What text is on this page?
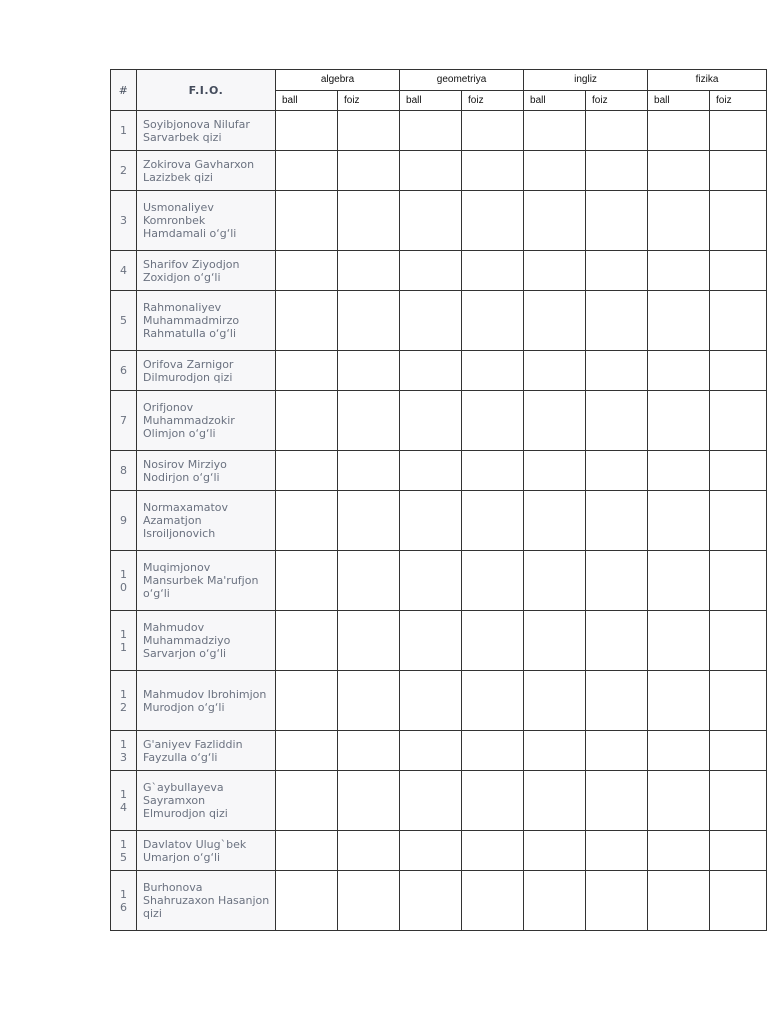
#	F.I.O.	algebra		geometriya		ingliz		fizika	
		ball	foiz	ball	foiz	ball	foiz	ball	foiz
1	Soyibjonova Nilufar Sarvarbek qizi								
2	Zokirova Gavharxon Lazizbek qizi								
3	Usmonaliyev Komronbek Hamdamali o‘g‘li								
4	Sharifov Ziyodjon Zoxidjon o‘g‘li								
5	Rahmonaliyev Muhammadmirzo Rahmatulla o‘g‘li								
6	Orifova Zarnigor Dilmurodjon qizi								
7	Orifjonov Muhammadzokir Olimjon o‘g‘li								
8	Nosirov Mirziyo Nodirjon o‘g‘li								
9	Normaxamatov Azamatjon Isroiljonovich								
10	Muqimjonov Mansurbek Ma'rufjon o‘g‘li								
11	Mahmudov Muhammadziyo Sarvarjon o‘g‘li								
12	Mahmudov Ibrohimjon Murodjon o‘g‘li								
13	G'aniyev Fazliddin Fayzulla o‘g‘li								
14	G`aybullayeva Sayramxon Elmurodjon qizi								
15	Davlatov Ulug`bek Umarjon o‘g‘li								
16	Burhonova Shahruzaxon Hasanjon qizi								
